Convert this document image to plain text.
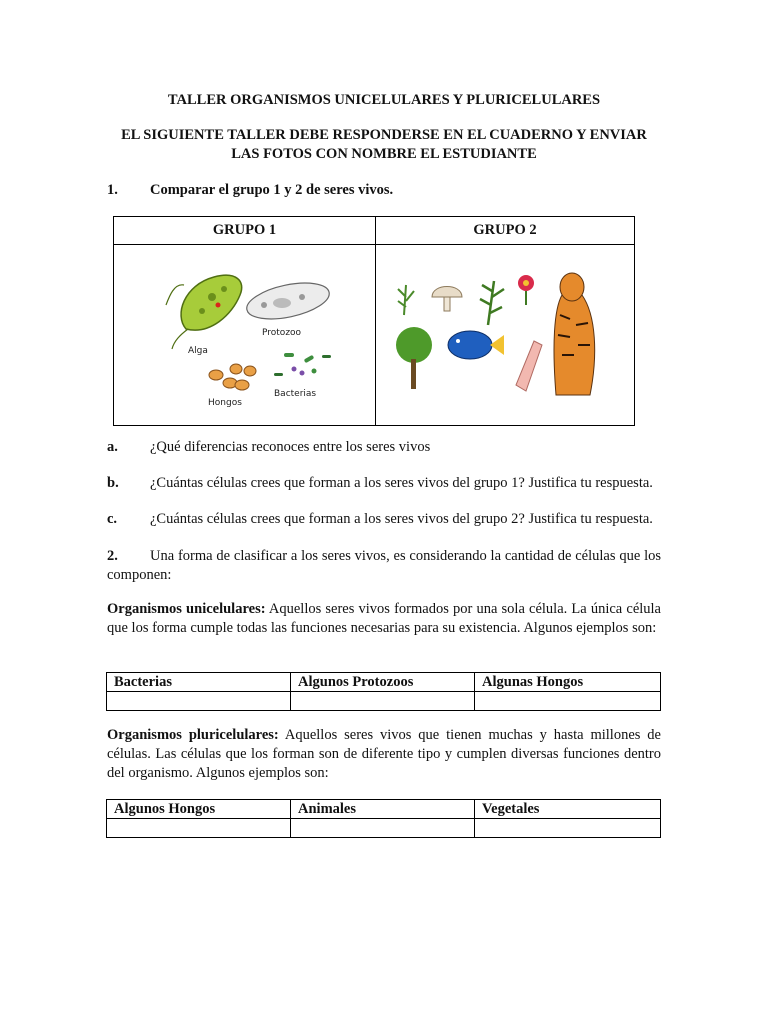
TALLER ORGANISMOS UNICELULARES Y PLURICELULARES
EL SIGUIENTE TALLER DEBE RESPONDERSE EN EL CUADERNO Y ENVIAR
LAS FOTOS CON NOMBRE EL ESTUDIANTE
1. Comparar el grupo 1 y 2 de seres vivos.
GRUPO 1	GRUPO 2

Alga
Protozoo
Hongos
Bacterias

a. ¿Qué diferencias reconoces entre los seres vivos
b. ¿Cuántas células crees que forman a los seres vivos del grupo 1? Justifica tu respuesta.
c. ¿Cuántas células crees que forman a los seres vivos del grupo 2? Justifica tu respuesta.
2. Una forma de clasificar a los seres vivos, es considerando la cantidad de células que los componen:
Organismos unicelulares: Aquellos seres vivos formados por una sola célula. La única célula que los forma cumple todas las funciones necesarias para su existencia. Algunos ejemplos son:
Bacterias	Algunos Protozoos	Algunas Hongos

Organismos pluricelulares: Aquellos seres vivos que tienen muchas y hasta millones de células. Las células que los forman son de diferente tipo y cumplen diversas funciones dentro del organismo. Algunos ejemplos son:
Algunos Hongos	Animales	Vegetales
